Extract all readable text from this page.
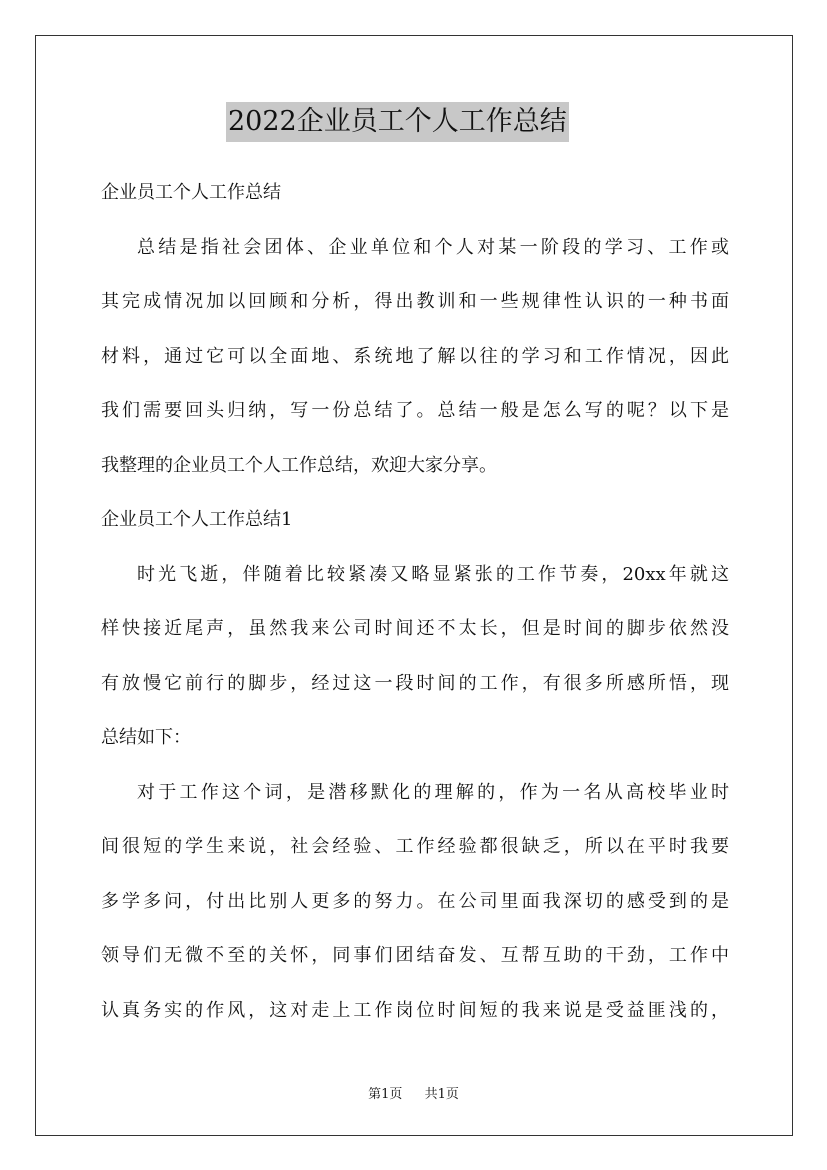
2022企业员工个人工作总结
企业员工个人工作总结
总结是指社会团体、企业单位和个人对某一阶段的学习、工作或
其完成情况加以回顾和分析，得出教训和一些规律性认识的一种书面
材料，通过它可以全面地、系统地了解以往的学习和工作情况，因此
我们需要回头归纳，写一份总结了。总结一般是怎么写的呢？以下是
我整理的企业员工个人工作总结，欢迎大家分享。
企业员工个人工作总结1
时光飞逝，伴随着比较紧凑又略显紧张的工作节奏，20xx年就这
样快接近尾声，虽然我来公司时间还不太长，但是时间的脚步依然没
有放慢它前行的脚步，经过这一段时间的工作，有很多所感所悟，现
总结如下：
对于工作这个词，是潜移默化的理解的，作为一名从高校毕业时
间很短的学生来说，社会经验、工作经验都很缺乏，所以在平时我要
多学多问，付出比别人更多的努力。在公司里面我深切的感受到的是
领导们无微不至的关怀，同事们团结奋发、互帮互助的干劲，工作中
认真务实的作风，这对走上工作岗位时间短的我来说是受益匪浅的，
第1页 共1页
